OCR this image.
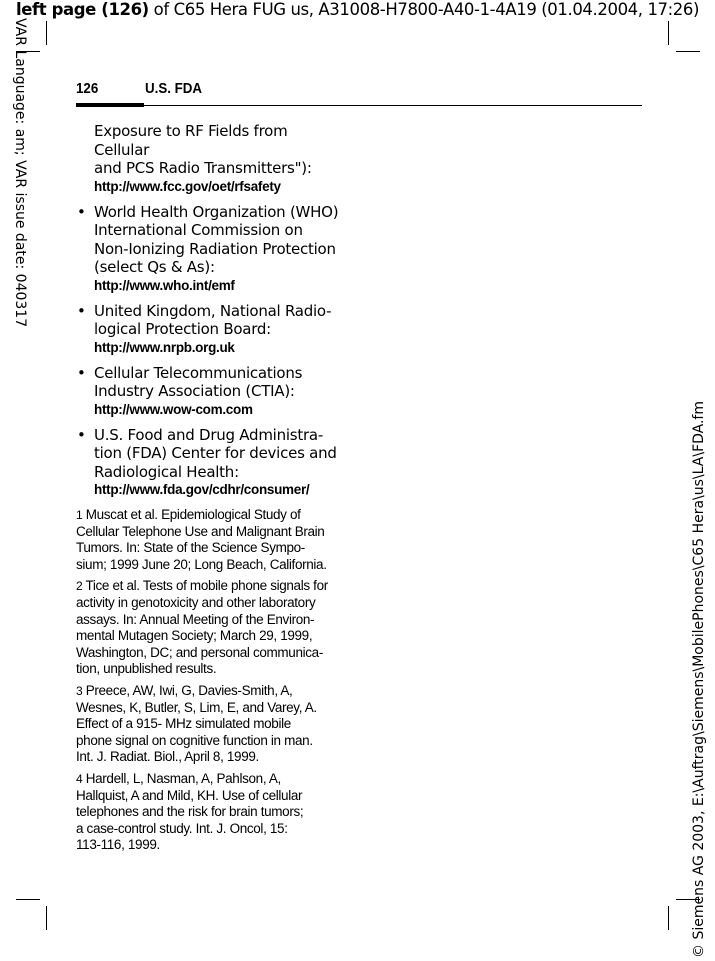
left page (126) of C65 Hera FUG us, A31008-H7800-A40-1-4A19 (01.04.2004, 17:26)
VAR Language: am; VAR issue date: 040317
© Siemens AG 2003, E:\Auftrag\Siemens\MobilePhones\C65 Hera\us\LA\FDA.fm
126	U.S. FDA
Exposure to RF Fields from Cellular
and PCS Radio Transmitters"):
http://www.fcc.gov/oet/rfsafety
• World Health Organization (WHO)
International Commission on
Non-Ionizing Radiation Protection
(select Qs & As):
http://www.who.int/emf
• United Kingdom, National Radio-
logical Protection Board:
http://www.nrpb.org.uk
• Cellular Telecommunications
Industry Association (CTIA):
http://www.wow-com.com
• U.S. Food and Drug Administra-
tion (FDA) Center for devices and
Radiological Health:
http://www.fda.gov/cdhr/consumer/
1 Muscat et al. Epidemiological Study of
Cellular Telephone Use and Malignant Brain
Tumors. In: State of the Science Sympo-
sium; 1999 June 20; Long Beach, California.
2 Tice et al. Tests of mobile phone signals for
activity in genotoxicity and other laboratory
assays. In: Annual Meeting of the Environ-
mental Mutagen Society; March 29, 1999,
Washington, DC; and personal communica-
tion, unpublished results.
3 Preece, AW, Iwi, G, Davies-Smith, A,
Wesnes, K, Butler, S, Lim, E, and Varey, A.
Effect of a 915- MHz simulated mobile
phone signal on cognitive function in man.
Int. J. Radiat. Biol., April 8, 1999.
4 Hardell, L, Nasman, A, Pahlson, A,
Hallquist, A and Mild, KH. Use of cellular
telephones and the risk for brain tumors;
a case-control study. Int. J. Oncol, 15:
113-116, 1999.
